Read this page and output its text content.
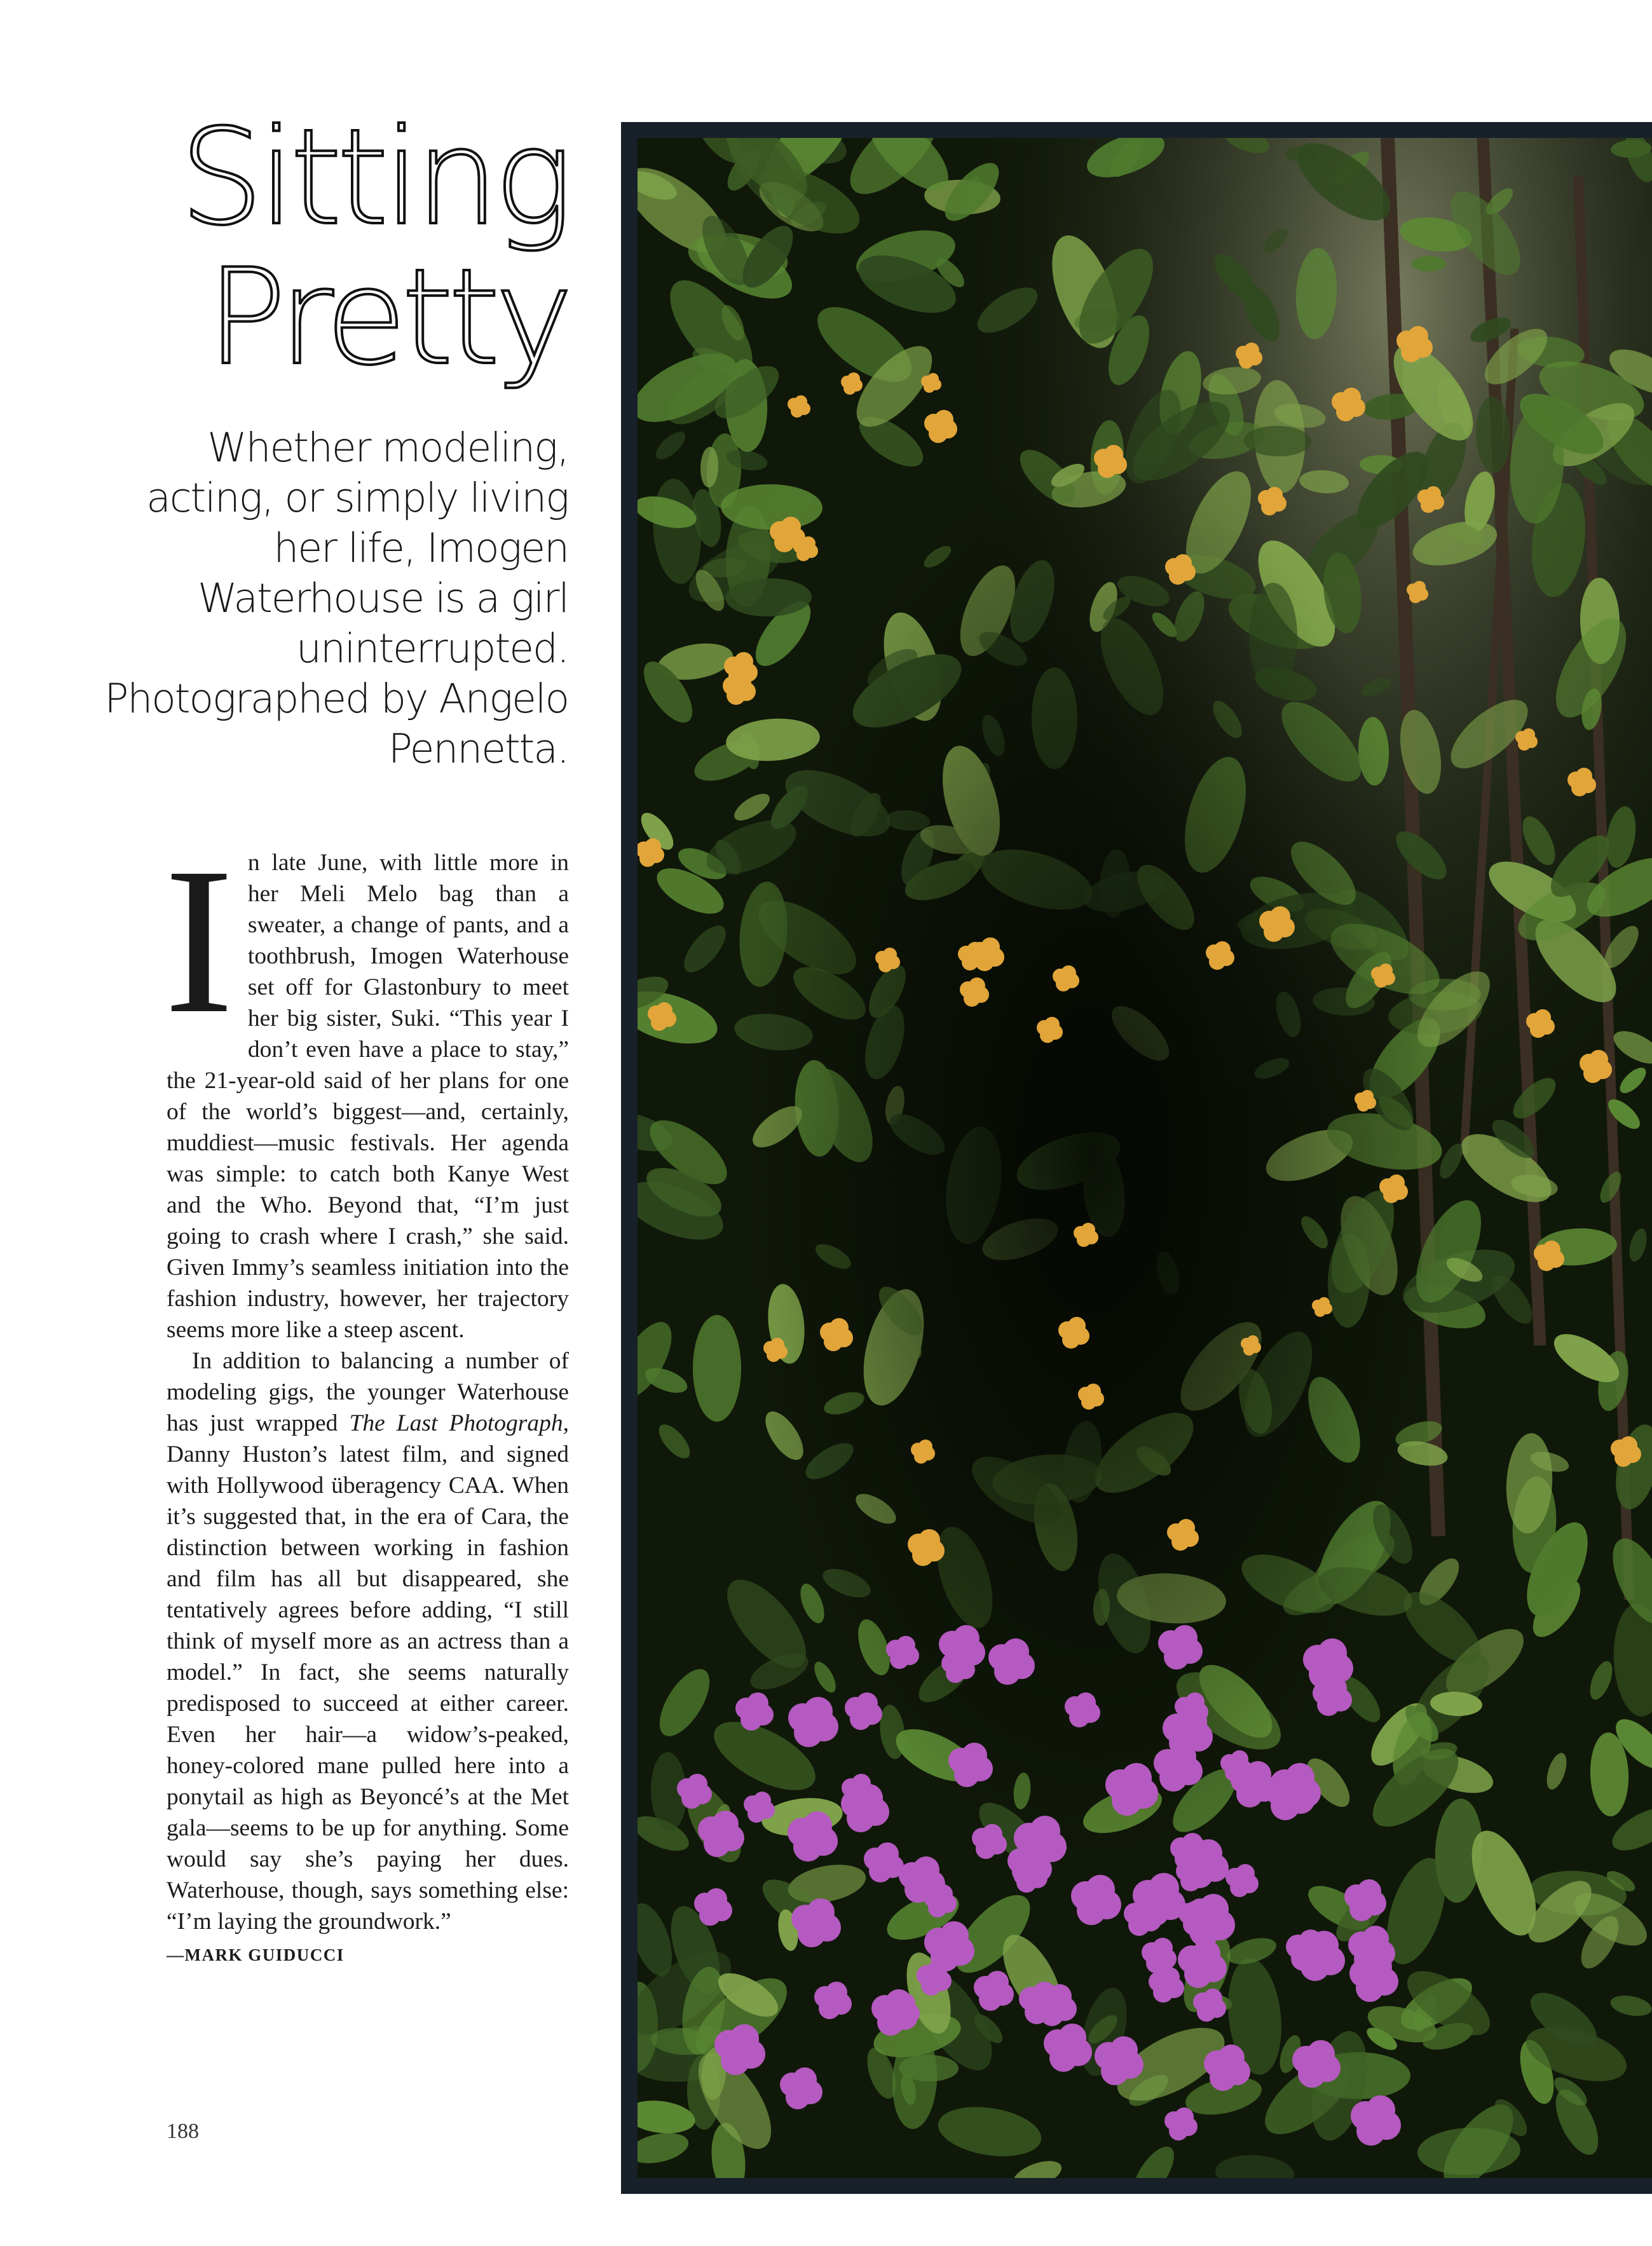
Sitting
Pretty
Whether modeling, acting, or simply living her life, Imogen Waterhouse is a girl uninterrupted. Photographed by Angelo Pennetta.

In late June, with little more in her Meli Melo bag than a sweater, a change of pants, and a toothbrush, Imogen Waterhouse set off for Glastonbury to meet her big sister, Suki. “This year I don’t even have a place to stay,” the 21-year-old said of her plans for one of the world’s biggest—and, certainly, muddiest—music festivals. Her agenda was simple: to catch both Kanye West and the Who. Beyond that, “I’m just going to crash where I crash,” she said. Given Immy’s seamless initiation into the fashion industry, however, her trajectory seems more like a steep ascent.

In addition to balancing a number of modeling gigs, the younger Waterhouse has just wrapped The Last Photograph, Danny Huston’s latest film, and signed with Hollywood überagency CAA. When it’s suggested that, in the era of Cara, the distinction between working in fashion and film has all but disappeared, she tentatively agrees before adding, “I still think of myself more as an actress than a model.” In fact, she seems naturally predisposed to succeed at either career. Even her hair—a widow’s-peaked, honey-colored mane pulled here into a ponytail as high as Beyoncé’s at the Met gala—seems to be up for anything. Some would say she’s paying her dues. Waterhouse, though, says something else: “I’m laying the groundwork.”

—MARK GUIDUCCI
188
